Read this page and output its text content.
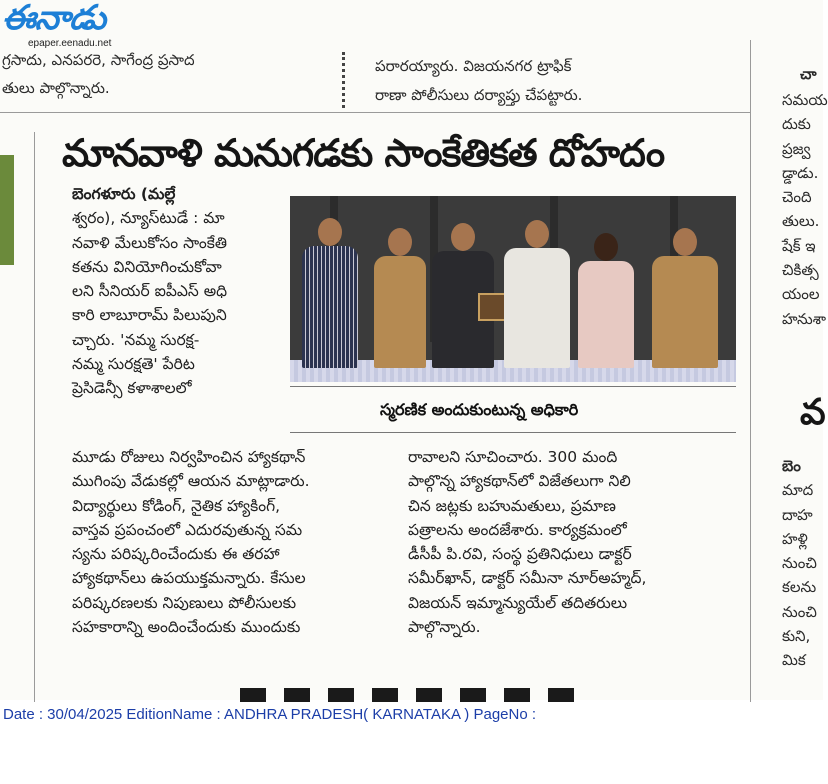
ఈనాడు
epaper.eenadu.net
గ్రసాదు, ఎనపరరె, సాగేంద్ర ప్రసాద
తులు పాల్గొన్నారు.
పరారయ్యారు. విజయనగర ట్రాఫిక్
రాణా పోలీసులు దర్యాప్తు చేపట్టారు.
చా
మానవాళి మనుగడకు సాంకేతికత దోహదం
బెంగళూరు (మల్లే
శ్వరం), న్యూస్‌టుడే : మా
నవాళి మేలుకోసం సాంకేతి
కతను వినియోగించుకోవా
లని సీనియర్ ఐపీఎస్ అధి
కారి లాబూరామ్ పిలుపుని
చ్చారు. 'నమ్మ సురక్ష-
నమ్మ సురక్షతె' పేరిట
ప్రెసిడెన్సీ కళాశాలలో
మూడు రోజులు నిర్వహించిన హ్యాకథాన్
ముగింపు వేడుకల్లో ఆయన మాట్లాడారు.
విద్యార్థులు కోడింగ్, నైతిక హ్యాకింగ్,
వాస్తవ ప్రపంచంలో ఎదురవుతున్న సమ
స్యను పరిష్కరించేందుకు ఈ తరహా
హ్యాకథాన్‌లు ఉపయుక్తమన్నారు. కేసుల
పరిష్కరణలకు నిపుణులు పోలీసులకు
సహకారాన్ని అందించేందుకు ముందుకు
రావాలని సూచించారు. 300 మంది
పాల్గొన్న హ్యాకథాన్‌లో విజేతలుగా నిలి
చిన జట్లకు బహుమతులు, ప్రమాణ
పత్రాలను అందజేశారు. కార్యక్రమంలో
డీసీపీ పి.రవి, సంస్థ ప్రతినిధులు డాక్టర్
సమీర్‌ఖాన్, డాక్టర్ సమీనా నూర్‌అహ్మద్,
విజయన్ ఇమ్మాన్యుయేల్ తదితరులు
పాల్గొన్నారు.
స్మరణిక అందుకుంటున్న అధికారి
సమయ
దుకు
ప్రజ్వ
డ్డాడు.
చెంది
తులు.
షేక్ ఇ
చికిత్స
యంల
హనుశా
వ
బెం
మాద
దాహ
హళ్లి
నుంచి
కలను
నుంచి
కుని,
మిక
Date : 30/04/2025 EditionName : ANDHRA PRADESH( KARNATAKA ) PageNo :
